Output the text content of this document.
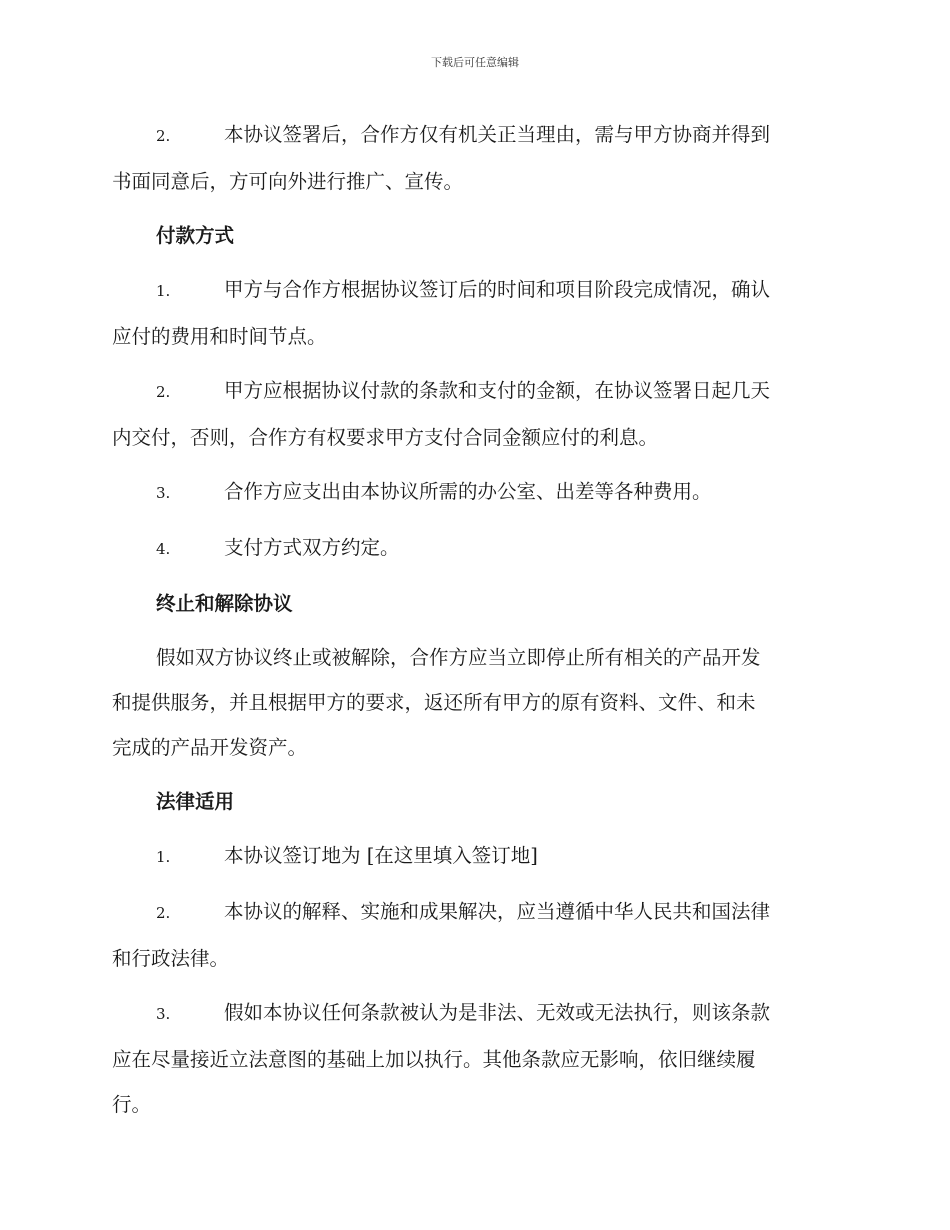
下载后可任意编辑
2.	本协议签署后，合作方仅有机关正当理由，需与甲方协商并得到
书面同意后，方可向外进行推广、宣传。
付款方式
1.	甲方与合作方根据协议签订后的时间和项目阶段完成情况，确认
应付的费用和时间节点。
2.	甲方应根据协议付款的条款和支付的金额，在协议签署日起几天
内交付，否则，合作方有权要求甲方支付合同金额应付的利息。
3.	合作方应支出由本协议所需的办公室、出差等各种费用。
4.	支付方式双方约定。
终止和解除协议
假如双方协议终止或被解除，合作方应当立即停止所有相关的产品开发
和提供服务，并且根据甲方的要求，返还所有甲方的原有资料、文件、和未
完成的产品开发资产。
法律适用
1.	本协议签订地为 [在这里填入签订地]
2.	本协议的解释、实施和成果解决，应当遵循中华人民共和国法律
和行政法律。
3.	假如本协议任何条款被认为是非法、无效或无法执行，则该条款
应在尽量接近立法意图的基础上加以执行。其他条款应无影响，依旧继续履
行。
